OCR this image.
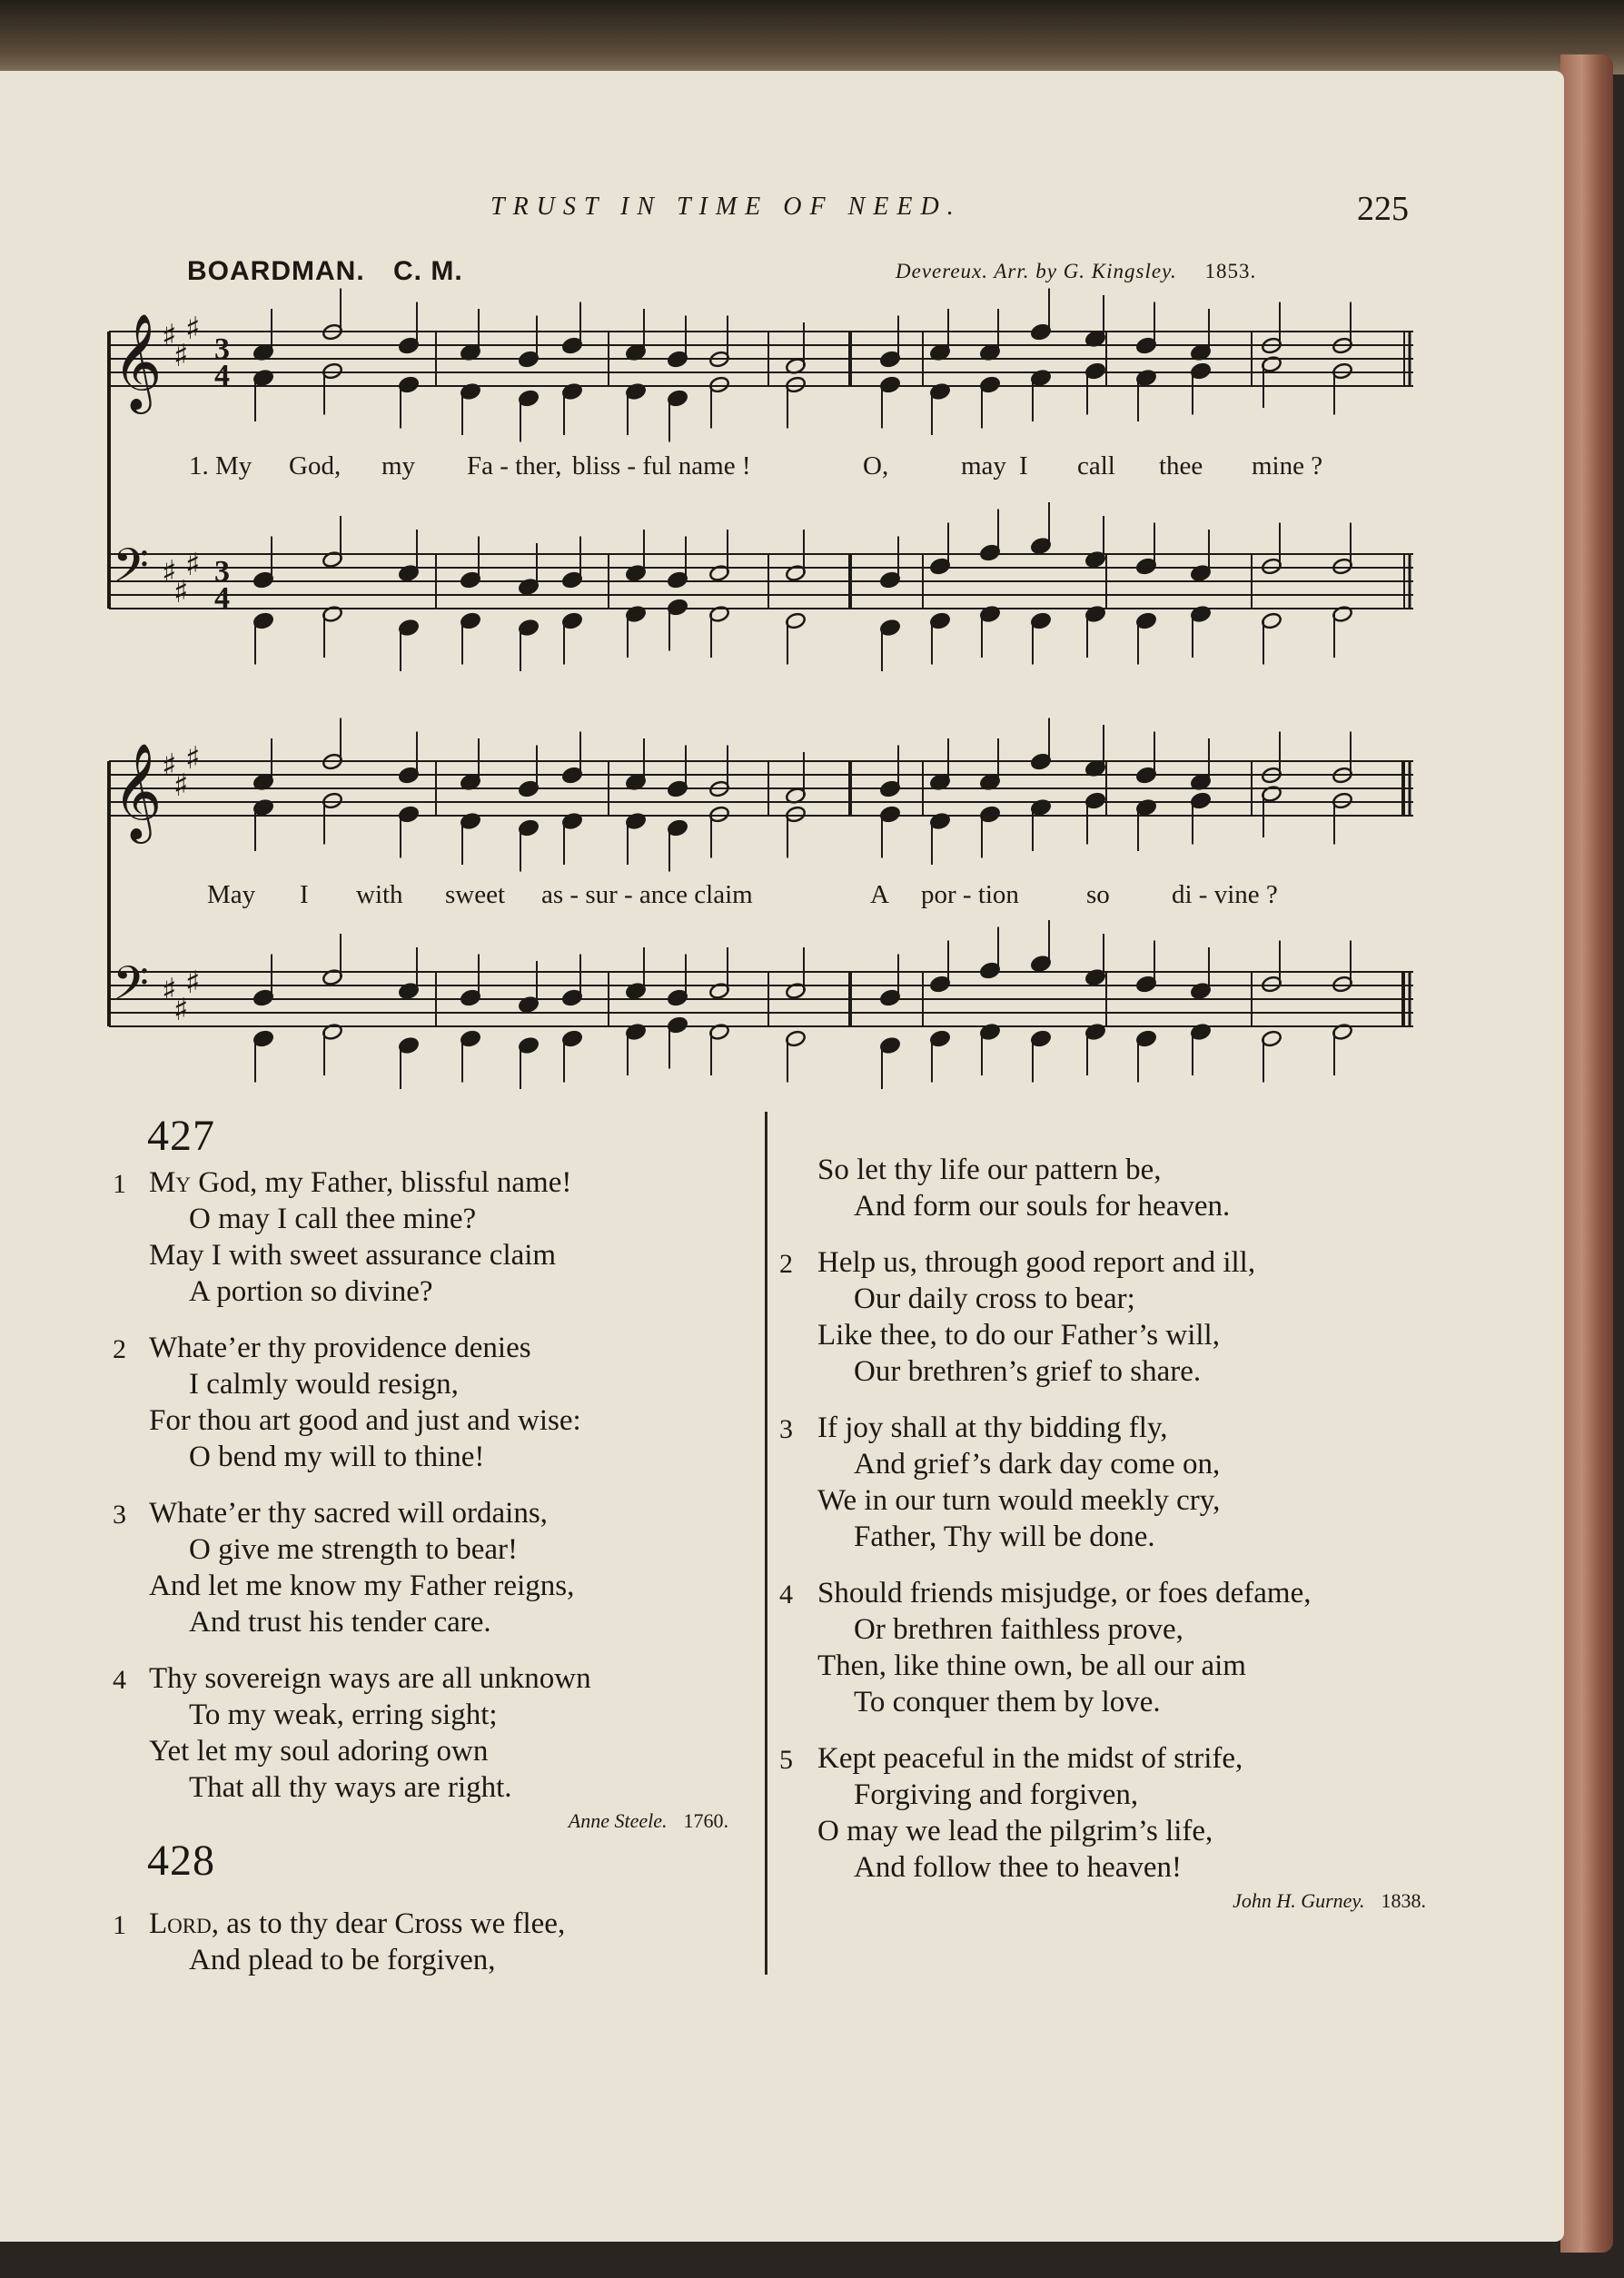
TRUST IN TIME OF NEED.	225
BOARDMAN. C. M.	Devereux. Arr. by G. Kingsley. 1853.
𝄞
𝄢
♯
♯
♯
♯
♯
♯
3
4
3
4
1. My God, my Fa - ther, bliss - ful name !	O,	may I call thee mine ?
𝄞
𝄢
♯
♯
♯
♯
♯
♯
May I with sweet as - sur - ance claim	A por - tion	so di - vine ?
427
1 My God, my Father, blissful name!
O may I call thee mine?
May I with sweet assurance claim
A portion so divine?
2 Whate’er thy providence denies
I calmly would resign,
For thou art good and just and wise:
O bend my will to thine!
3 Whate’er thy sacred will ordains,
O give me strength to bear!
And let me know my Father reigns,
And trust his tender care.
4 Thy sovereign ways are all unknown
To my weak, erring sight;
Yet let my soul adoring own
That all thy ways are right.
Anne Steele. 1760.
428
1 Lord, as to thy dear Cross we flee,
And plead to be forgiven,
So let thy life our pattern be,
And form our souls for heaven.
2 Help us, through good report and ill,
Our daily cross to bear;
Like thee, to do our Father’s will,
Our brethren’s grief to share.
3 If joy shall at thy bidding fly,
And grief’s dark day come on,
We in our turn would meekly cry,
Father, Thy will be done.
4 Should friends misjudge, or foes defame,
Or brethren faithless prove,
Then, like thine own, be all our aim
To conquer them by love.
5 Kept peaceful in the midst of strife,
Forgiving and forgiven,
O may we lead the pilgrim’s life,
And follow thee to heaven!
John H. Gurney. 1838.
